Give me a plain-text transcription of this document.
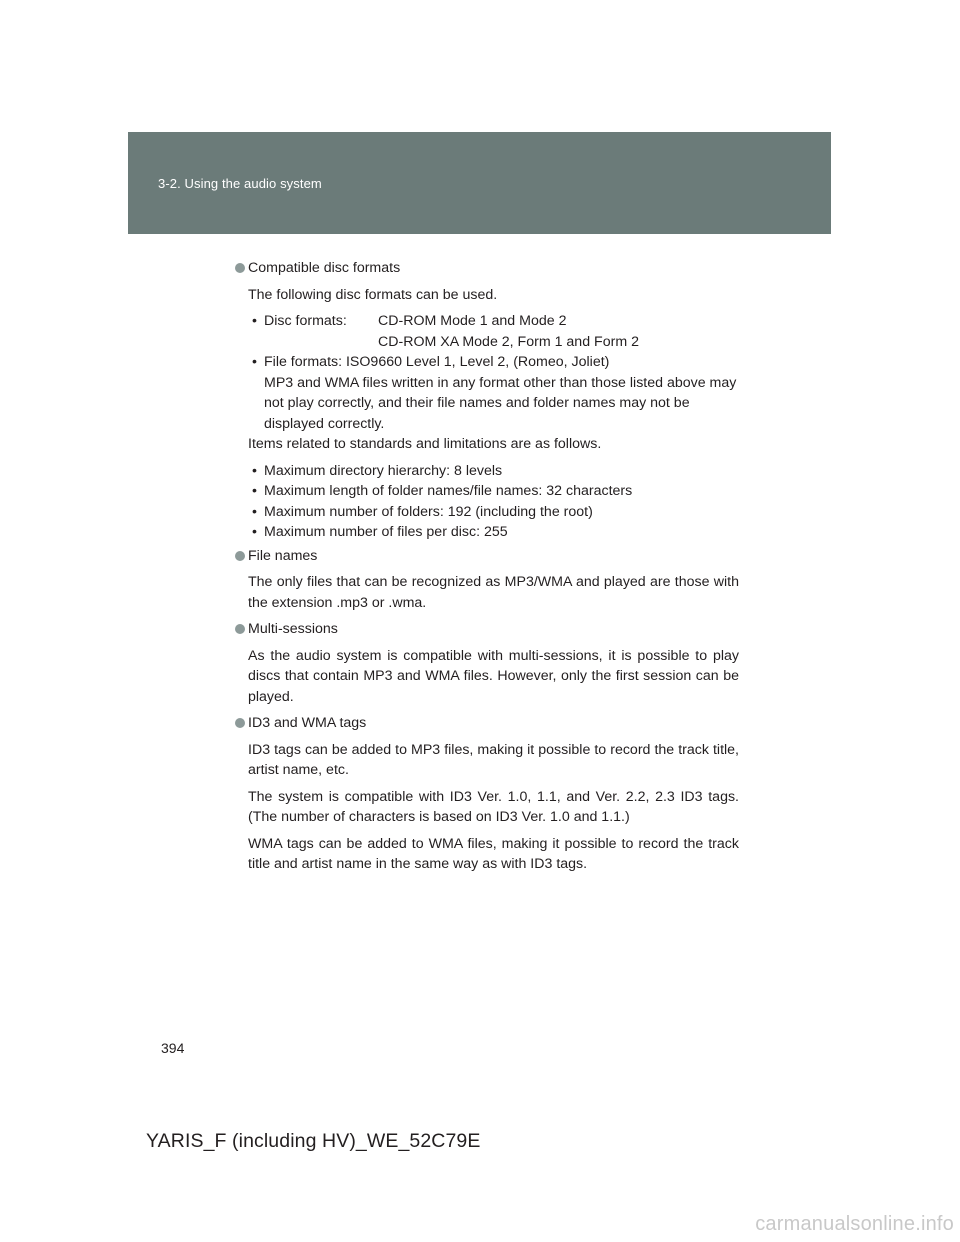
3-2. Using the audio system
Compatible disc formats
The following disc formats can be used.
• Disc formats:	CD-ROM Mode 1 and Mode 2
CD-ROM XA Mode 2, Form 1 and Form 2
• File formats: ISO9660 Level 1, Level 2, (Romeo, Joliet)
MP3 and WMA files written in any format other than those listed above may not play correctly, and their file names and folder names may not be displayed correctly.
Items related to standards and limitations are as follows.
• Maximum directory hierarchy: 8 levels
• Maximum length of folder names/file names: 32 characters
• Maximum number of folders: 192 (including the root)
• Maximum number of files per disc: 255
File names
The only files that can be recognized as MP3/WMA and played are those with the extension .mp3 or .wma.
Multi-sessions
As the audio system is compatible with multi-sessions, it is possible to play discs that contain MP3 and WMA files. However, only the first session can be played.
ID3 and WMA tags
ID3 tags can be added to MP3 files, making it possible to record the track title, artist name, etc.
The system is compatible with ID3 Ver. 1.0, 1.1, and Ver. 2.2, 2.3 ID3 tags. (The number of characters is based on ID3 Ver. 1.0 and 1.1.)
WMA tags can be added to WMA files, making it possible to record the track title and artist name in the same way as with ID3 tags.
394
YARIS_F (including HV)_WE_52C79E
carmanualsonline.info
